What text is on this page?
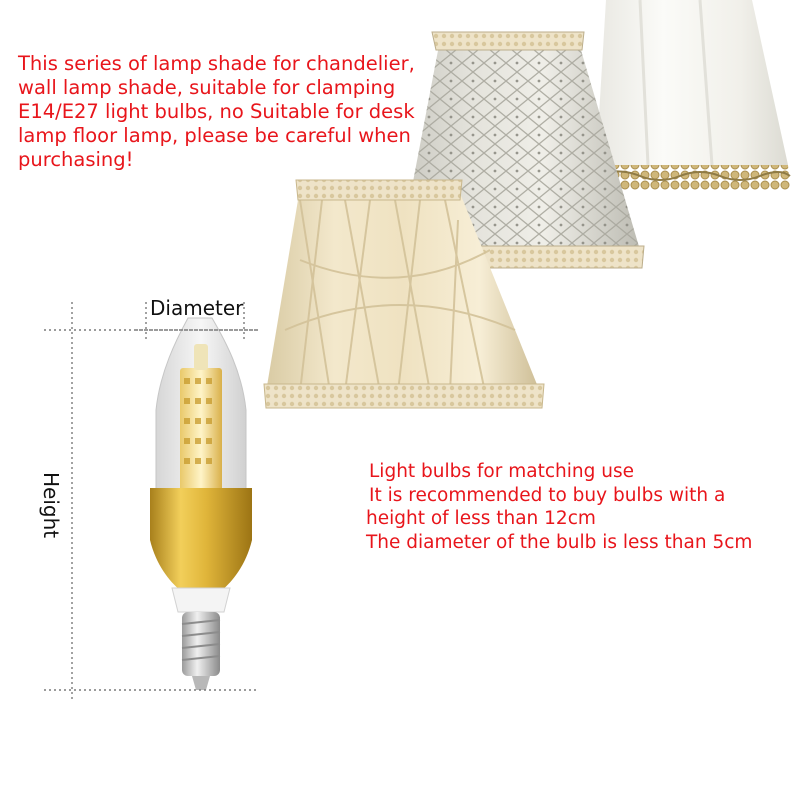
This series of lamp shade for chandelier,
wall lamp shade, suitable for clamping
E14/E27 light bulbs, no Suitable for desk
lamp floor lamp, please be careful when
purchasing!
Light bulbs for matching use
It is recommended to buy bulbs with a
height of less than 12cm
The diameter of the bulb is less than 5cm
Diameter
Height
